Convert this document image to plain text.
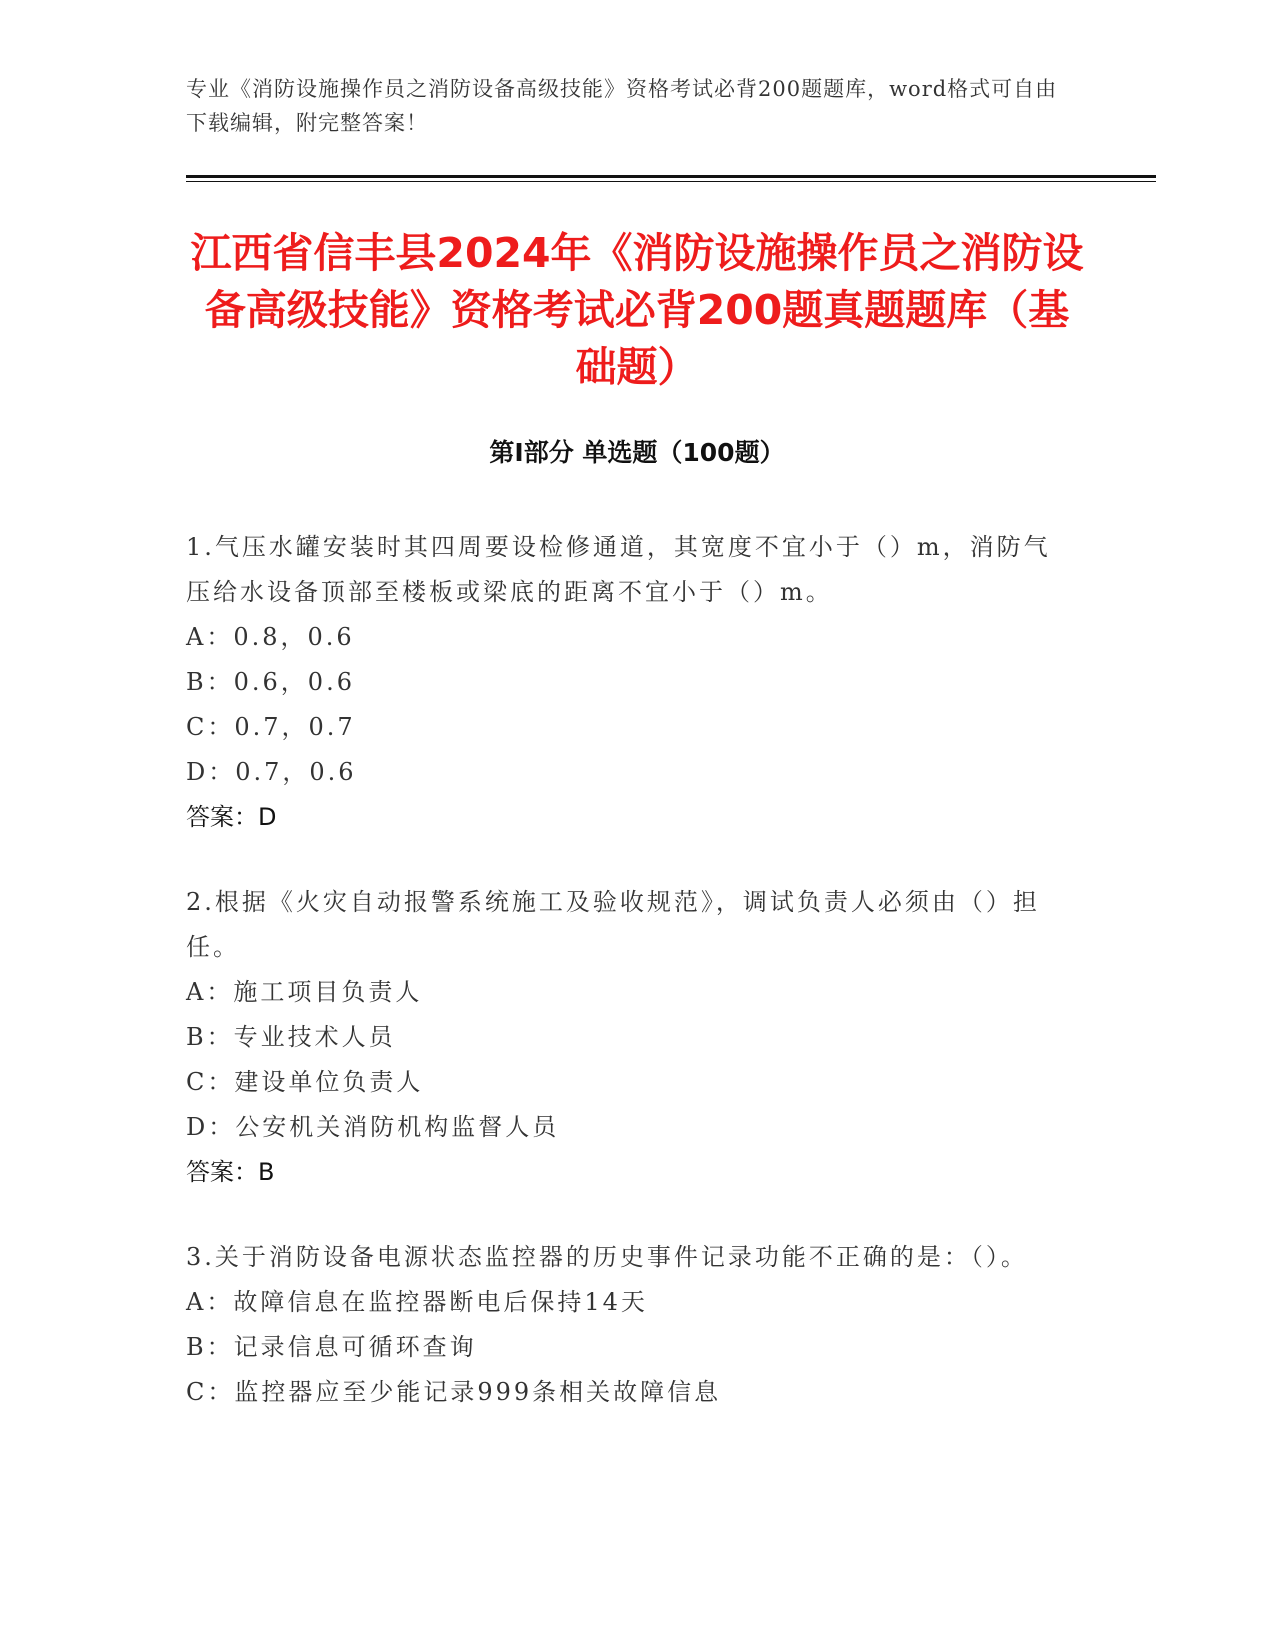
专业《消防设施操作员之消防设备高级技能》资格考试必背200题题库，word格式可自由下载编辑，附完整答案！
江西省信丰县2024年《消防设施操作员之消防设备高级技能》资格考试必背200题真题题库（基础题）
第Ⅰ部分 单选题（100题）

1.气压水罐安装时其四周要设检修通道，其宽度不宜小于（）m，消防气压给水设备顶部至楼板或梁底的距离不宜小于（）m。

A：0.8，0.6

B：0.6，0.6

C：0.7，0.7

D：0.7，0.6

答案：D

2.根据《火灾自动报警系统施工及验收规范》，调试负责人必须由（）担任。

A：施工项目负责人

B：专业技术人员

C：建设单位负责人

D：公安机关消防机构监督人员

答案：B

3.关于消防设备电源状态监控器的历史事件记录功能不正确的是：（）。

A：故障信息在监控器断电后保持14天

B：记录信息可循环查询

C：监控器应至少能记录999条相关故障信息
